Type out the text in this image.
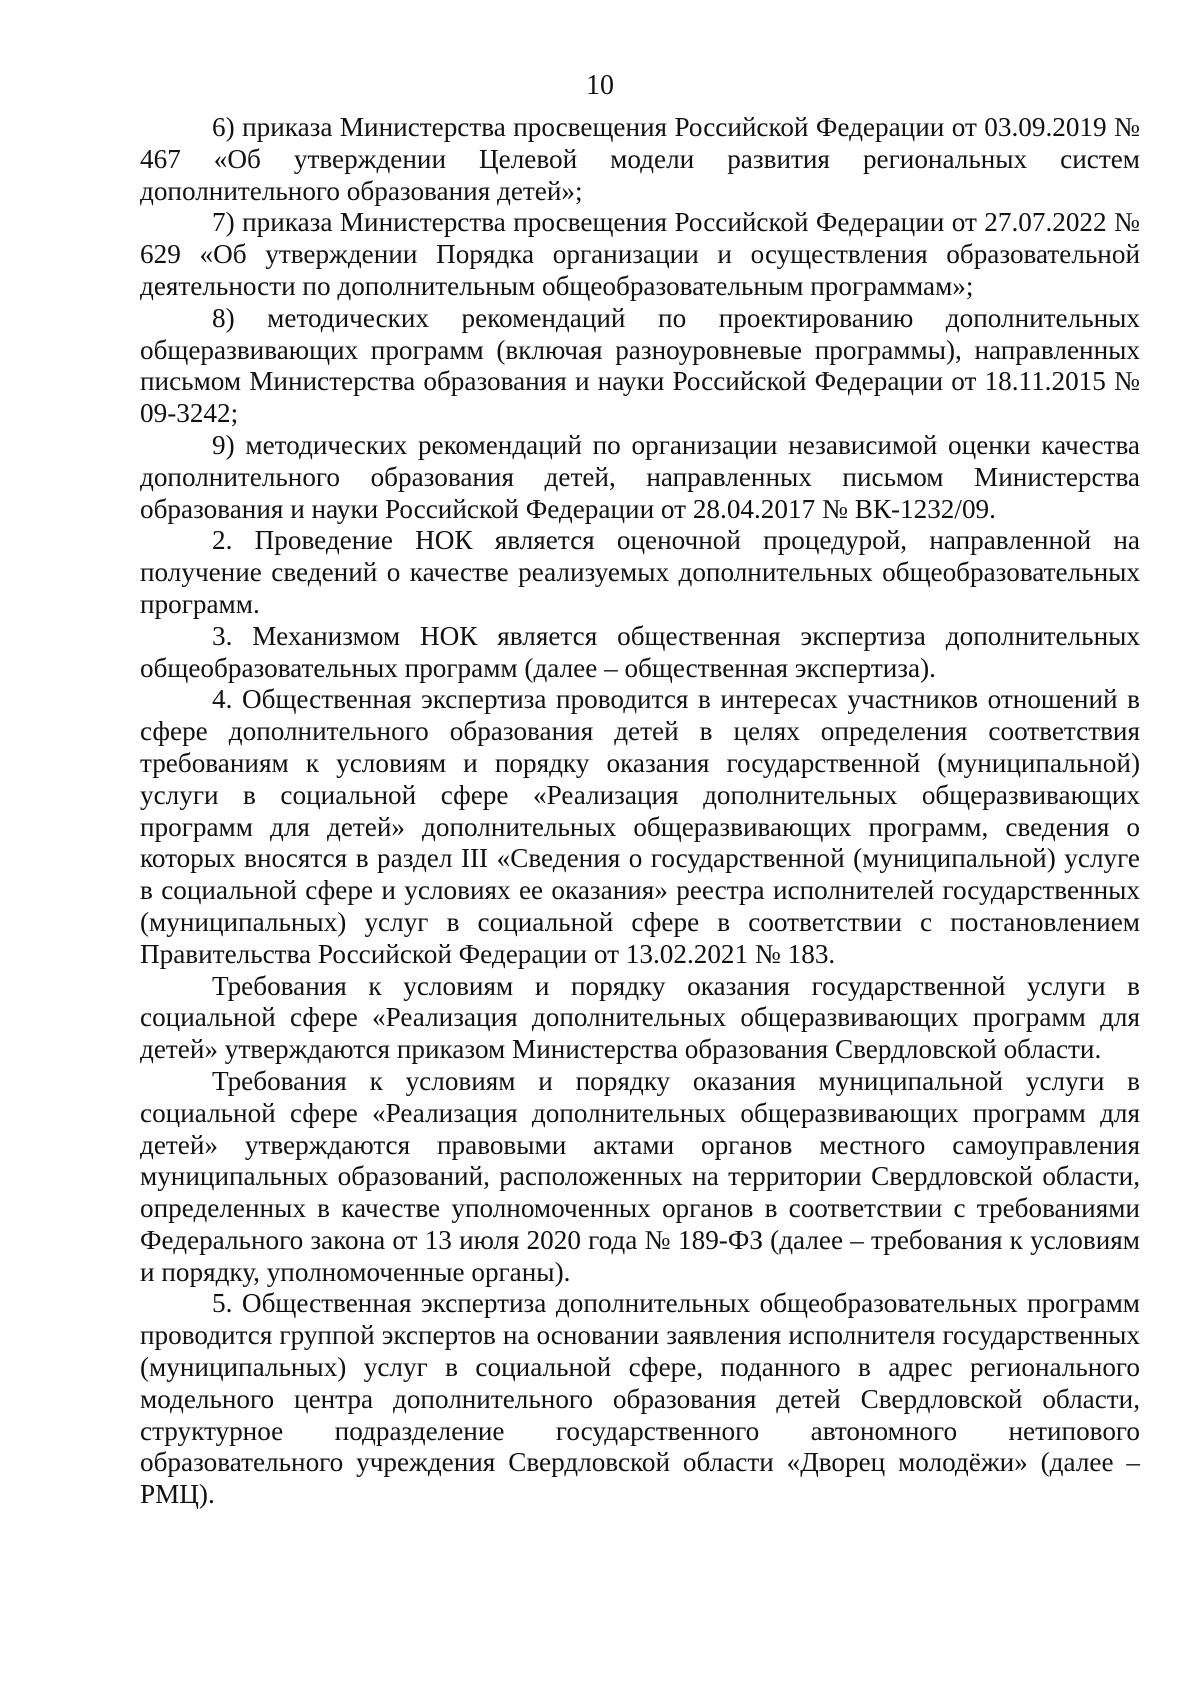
10

6) приказа Министерства просвещения Российской Федерации от 03.09.2019 № 467 «Об утверждении Целевой модели развития региональных систем дополнительного образования детей»;

7) приказа Министерства просвещения Российской Федерации от 27.07.2022 № 629 «Об утверждении Порядка организации и осуществления образовательной деятельности по дополнительным общеобразовательным программам»;

8) методических рекомендаций по проектированию дополнительных общеразвивающих программ (включая разноуровневые программы), направленных письмом Министерства образования и науки Российской Федерации от 18.11.2015 № 09-3242;

9) методических рекомендаций по организации независимой оценки качества дополнительного образования детей, направленных письмом Министерства образования и науки Российской Федерации от 28.04.2017 № ВК-1232/09.

2. Проведение НОК является оценочной процедурой, направленной на получение сведений о качестве реализуемых дополнительных общеобразовательных программ.

3. Механизмом НОК является общественная экспертиза дополнительных общеобразовательных программ (далее – общественная экспертиза).

4. Общественная экспертиза проводится в интересах участников отношений в сфере дополнительного образования детей в целях определения соответствия требованиям к условиям и порядку оказания государственной (муниципальной) услуги в социальной сфере «Реализация дополнительных общеразвивающих программ для детей» дополнительных общеразвивающих программ, сведения о которых вносятся в раздел III «Сведения о государственной (муниципальной) услуге в социальной сфере и условиях ее оказания» реестра исполнителей государственных (муниципальных) услуг в социальной сфере в соответствии с постановлением Правительства Российской Федерации от 13.02.2021 № 183.

Требования к условиям и порядку оказания государственной услуги в социальной сфере «Реализация дополнительных общеразвивающих программ для детей» утверждаются приказом Министерства образования Свердловской области.

Требования к условиям и порядку оказания муниципальной услуги в социальной сфере «Реализация дополнительных общеразвивающих программ для детей» утверждаются правовыми актами органов местного самоуправления муниципальных образований, расположенных на территории Свердловской области, определенных в качестве уполномоченных органов в соответствии с требованиями Федерального закона от 13 июля 2020 года № 189-ФЗ (далее – требования к условиям и порядку, уполномоченные органы).

5. Общественная экспертиза дополнительных общеобразовательных программ проводится группой экспертов на основании заявления исполнителя государственных (муниципальных) услуг в социальной сфере, поданного в адрес регионального модельного центра дополнительного образования детей Свердловской области, структурное подразделение государственного автономного нетипового образовательного учреждения Свердловской области «Дворец молодёжи» (далее – РМЦ).
